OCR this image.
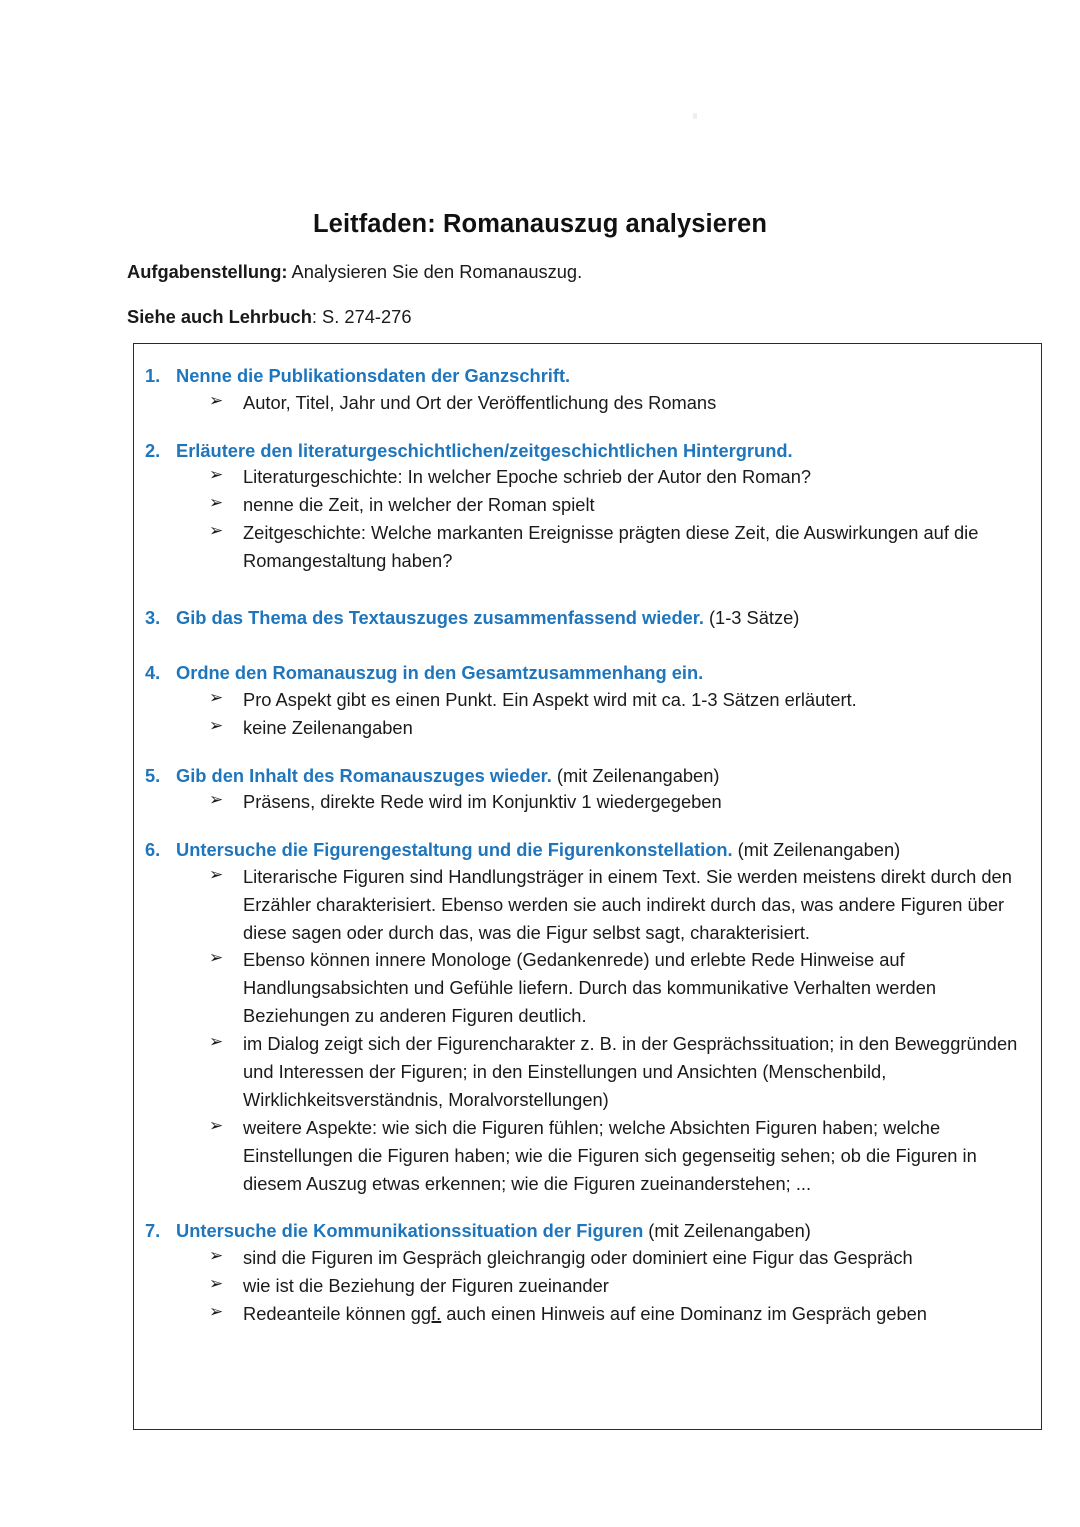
Leitfaden: Romanauszug analysieren
Aufgabenstellung: Analysieren Sie den Romanauszug.
Siehe auch Lehrbuch: S. 274-276
1. Nenne die Publikationsdaten der Ganzschrift.
➢	Autor, Titel, Jahr und Ort der Veröffentlichung des Romans
2. Erläutere den literaturgeschichtlichen/zeitgeschichtlichen Hintergrund.
➢	Literaturgeschichte: In welcher Epoche schrieb der Autor den Roman?
➢	nenne die Zeit, in welcher der Roman spielt
➢	Zeitgeschichte: Welche markanten Ereignisse prägten diese Zeit, die Auswirkungen auf die Romangestaltung haben?
3. Gib das Thema des Textauszuges zusammenfassend wieder. (1-3 Sätze)
4. Ordne den Romanauszug in den Gesamtzusammenhang ein.
➢	Pro Aspekt gibt es einen Punkt. Ein Aspekt wird mit ca. 1-3 Sätzen erläutert.
➢	keine Zeilenangaben
5. Gib den Inhalt des Romanauszuges wieder. (mit Zeilenangaben)
➢	Präsens, direkte Rede wird im Konjunktiv 1 wiedergegeben
6. Untersuche die Figurengestaltung und die Figurenkonstellation. (mit Zeilenangaben)
➢	Literarische Figuren sind Handlungsträger in einem Text. Sie werden meistens direkt durch den Erzähler charakterisiert. Ebenso werden sie auch indirekt durch das, was andere Figuren über diese sagen oder durch das, was die Figur selbst sagt, charakterisiert.
➢	Ebenso können innere Monologe (Gedankenrede) und erlebte Rede Hinweise auf Handlungsabsichten und Gefühle liefern. Durch das kommunikative Verhalten werden Beziehungen zu anderen Figuren deutlich.
➢	im Dialog zeigt sich der Figurencharakter z. B. in der Gesprächssituation; in den Beweggründen und Interessen der Figuren; in den Einstellungen und Ansichten (Menschenbild, Wirklichkeitsverständnis, Moralvorstellungen)
➢	weitere Aspekte: wie sich die Figuren fühlen; welche Absichten Figuren haben; welche Einstellungen die Figuren haben; wie die Figuren sich gegenseitig sehen; ob die Figuren in diesem Auszug etwas erkennen; wie die Figuren zueinanderstehen; ...
7. Untersuche die Kommunikationssituation der Figuren (mit Zeilenangaben)
➢	sind die Figuren im Gespräch gleichrangig oder dominiert eine Figur das Gespräch
➢	wie ist die Beziehung der Figuren zueinander
➢	Redeanteile können ggf. auch einen Hinweis auf eine Dominanz im Gespräch geben
